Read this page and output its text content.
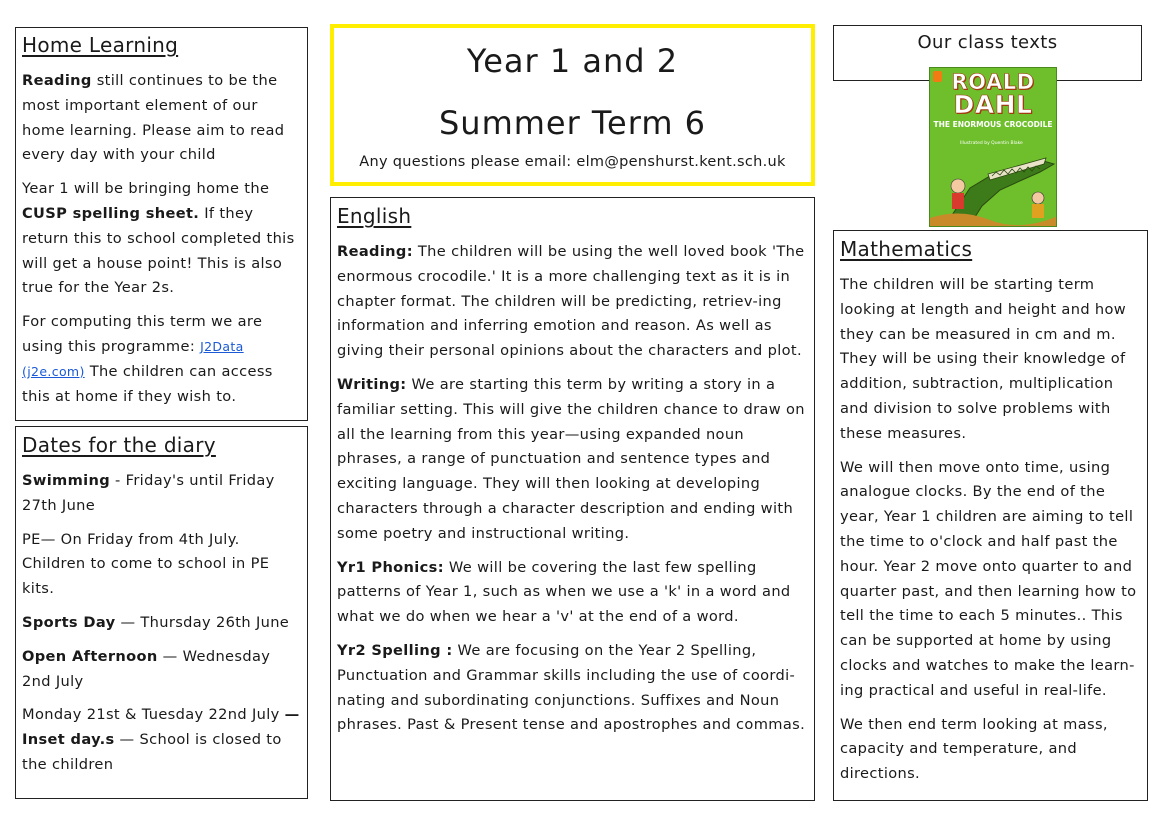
Home Learning

Reading still continues to be the most important element of our home learning. Please aim to read every day with your child

Year 1 will be bringing home the CUSP spelling sheet. If they return this to school completed this will get a house point! This is also true for the Year 2s.

For computing this term we are using this programme: J2Data (j2e.com) The children can access this at home if they wish to.

Dates for the diary

Swimming - Friday's until Friday 27th June

PE— On Friday from 4th July. Children to come to school in PE kits.

Sports Day — Thursday 26th June

Open Afternoon — Wednesday 2nd July

Monday 21st & Tuesday 22nd July — Inset day.s — School is closed to the children

Year 1 and 2
Summer Term 6
Any questions please email: elm@penshurst.kent.sch.uk
English

Reading: The children will be using the well loved book 'The enormous crocodile.' It is a more challenging text as it is in chapter format. The children will be predicting, retriev-ing information and inferring emotion and reason. As well as giving their personal opinions about the characters and plot.

Writing: We are starting this term by writing a story in a familiar setting. This will give the children chance to draw on all the learning from this year—using expanded noun phrases, a range of punctuation and sentence types and exciting language. They will then looking at developing characters through a character description and ending with some poetry and instructional writing.

Yr1 Phonics: We will be covering the last few spelling patterns of Year 1, such as when we use a 'k' in a word and what we do when we hear a 'v' at the end of a word.

Yr2 Spelling : We are focusing on the Year 2 Spelling, Punctuation and Grammar skills including the use of coordi-nating and subordinating conjunctions. Suffixes and Noun phrases. Past & Present tense and apostrophes and commas.

Our class texts
ROALD
DAHL
THE ENORMOUS CROCODILE
Illustrated by Quentin Blake
Mathematics

The children will be starting term looking at length and height and how they can be measured in cm and m. They will be using their knowledge of addition, subtraction, multiplication and division to solve problems with these measures.

We will then move onto time, using analogue clocks. By the end of the year, Year 1 children are aiming to tell the time to o'clock and half past the hour. Year 2 move onto quarter to and quarter past, and then learning how to tell the time to each 5 minutes.. This can be supported at home by using clocks and watches to make the learn-ing practical and useful in real-life.

We then end term looking at mass, capacity and temperature, and directions.
